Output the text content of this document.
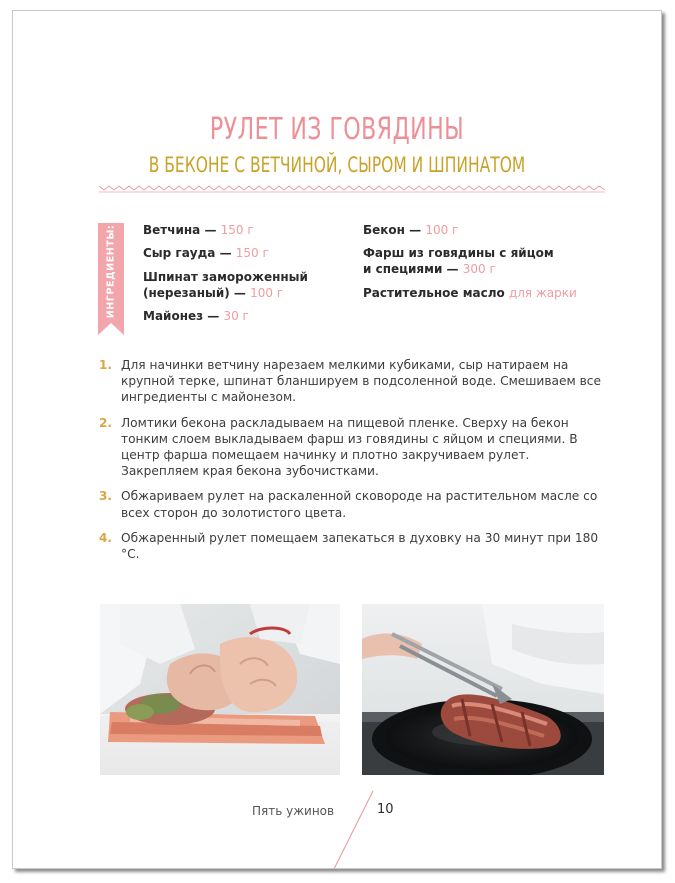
РУЛЕТ ИЗ ГОВЯДИНЫ
В БЕКОНЕ С ВЕТЧИНОЙ, СЫРОМ И ШПИНАТОМ
ИНГРЕДИЕНТЫ: Ветчина — 150 г
Сыр гауда — 150 г
Шпинат замороженный
(нерезаный) — 100 г
Майонез — 30 г
Бекон — 100 г
Фарш из говядины с яйцом
и специями — 300 г
Растительное масло для жарки
1. Для начинки ветчину нарезаем мелкими кубиками, сыр натираем на крупной терке, шпинат бланшируем в подсоленной воде. Смешиваем все ингредиенты с майонезом.
2. Ломтики бекона раскладываем на пищевой пленке. Сверху на бекон тонким слоем выкладываем фарш из говядины с яйцом и специями. В центр фарша помещаем начинку и плотно закручиваем рулет. Закрепляем края бекона зубочистками.
3. Обжариваем рулет на раскаленной сковороде на растительном масле со всех сторон до золотистого цвета.
4. Обжаренный рулет помещаем запекаться в духовку на 30 минут при 180 °С.
Пять ужинов	10
